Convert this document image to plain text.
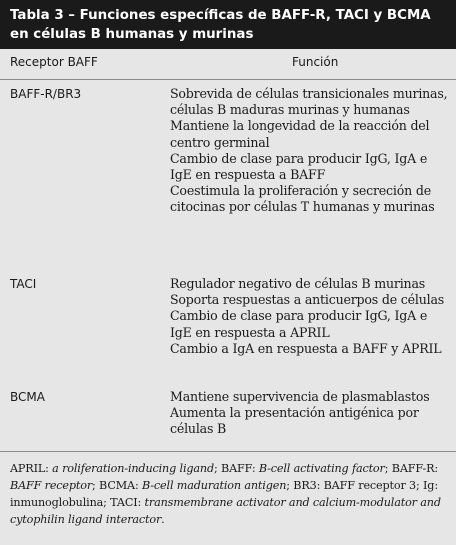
Tabla 3 – Funciones específicas de BAFF-R, TACI y BCMA
en células B humanas y murinas
Receptor BAFF	Función
BAFF-R/BR3	Sobrevida de células transicionales murinas, células B maduras murinas y humanas
Mantiene la longevidad de la reacción del centro germinal
Cambio de clase para producir IgG, IgA e IgE en respuesta a BAFF
Coestimula la proliferación y secreción de citocinas por células T humanas y murinas
TACI	Regulador negativo de células B murinas
Soporta respuestas a anticuerpos de células
Cambio de clase para producir IgG, IgA e IgE en respuesta a APRIL
Cambio a IgA en respuesta a BAFF y APRIL
BCMA	Mantiene supervivencia de plasmablastos
Aumenta la presentación antigénica por células B
APRIL: a roliferation-inducing ligand; BAFF: B-cell activating factor; BAFF-R: BAFF receptor; BCMA: B-cell maduration antigen; BR3: BAFF receptor 3; Ig: inmunoglobulina; TACI: transmembrane activator and calcium-modulator and cytophilin ligand interactor.
